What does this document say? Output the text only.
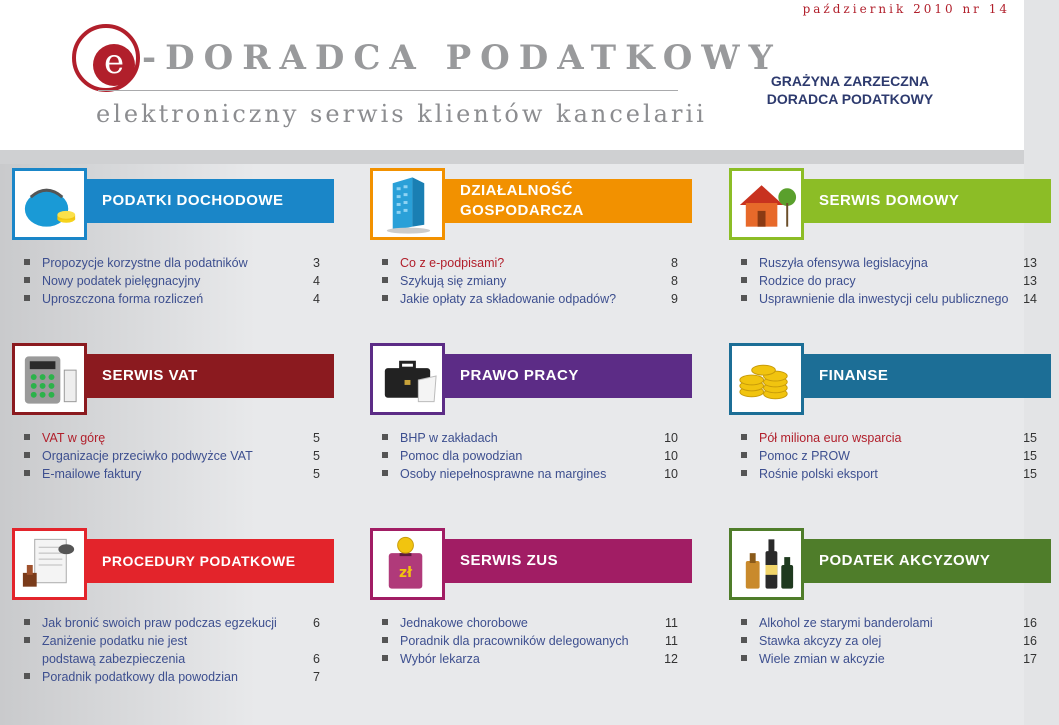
październik 2010 nr 14
e -DORADCA PODATKOWY
elektroniczny serwis klientów kancelarii
GRAŻYNA ZARZECZNA
DORADCA PODATKOWY
PODATKI DOCHODOWE
Propozycje korzystne dla podatników	3
Nowy podatek pielęgnacyjny	4
Uproszczona forma rozliczeń	4
DZIAŁALNOŚĆ GOSPODARCZA
Co z e-podpisami?	8
Szykują się zmiany	8
Jakie opłaty za składowanie odpadów?	9
SERWIS DOMOWY
Ruszyła ofensywa legislacyjna	13
Rodzice do pracy	13
Usprawnienie dla inwestycji celu publicznego 14
SERWIS VAT
VAT w górę	5
Organizacje przeciwko podwyżce VAT	5
E-mailowe faktury	5
PRAWO PRACY
BHP w zakładach	10
Pomoc dla powodzian	10
Osoby niepełnosprawne na margines	10
FINANSE
Pół miliona euro wsparcia	15
Pomoc z PROW	15
Rośnie polski eksport	15
PROCEDURY PODATKOWE
Jak bronić swoich praw podczas egzekucji	6
Zaniżenie podatku nie jest podstawą zabezpieczenia	6
Poradnik podatkowy dla powodzian	7
SERWIS ZUS
zł
Jednakowe chorobowe	11
Poradnik dla pracowników delegowanych	11
Wybór lekarza	12
PODATEK AKCYZOWY
Alkohol ze starymi banderolami	16
Stawka akcyzy za olej	16
Wiele zmian w akcyzie	17
